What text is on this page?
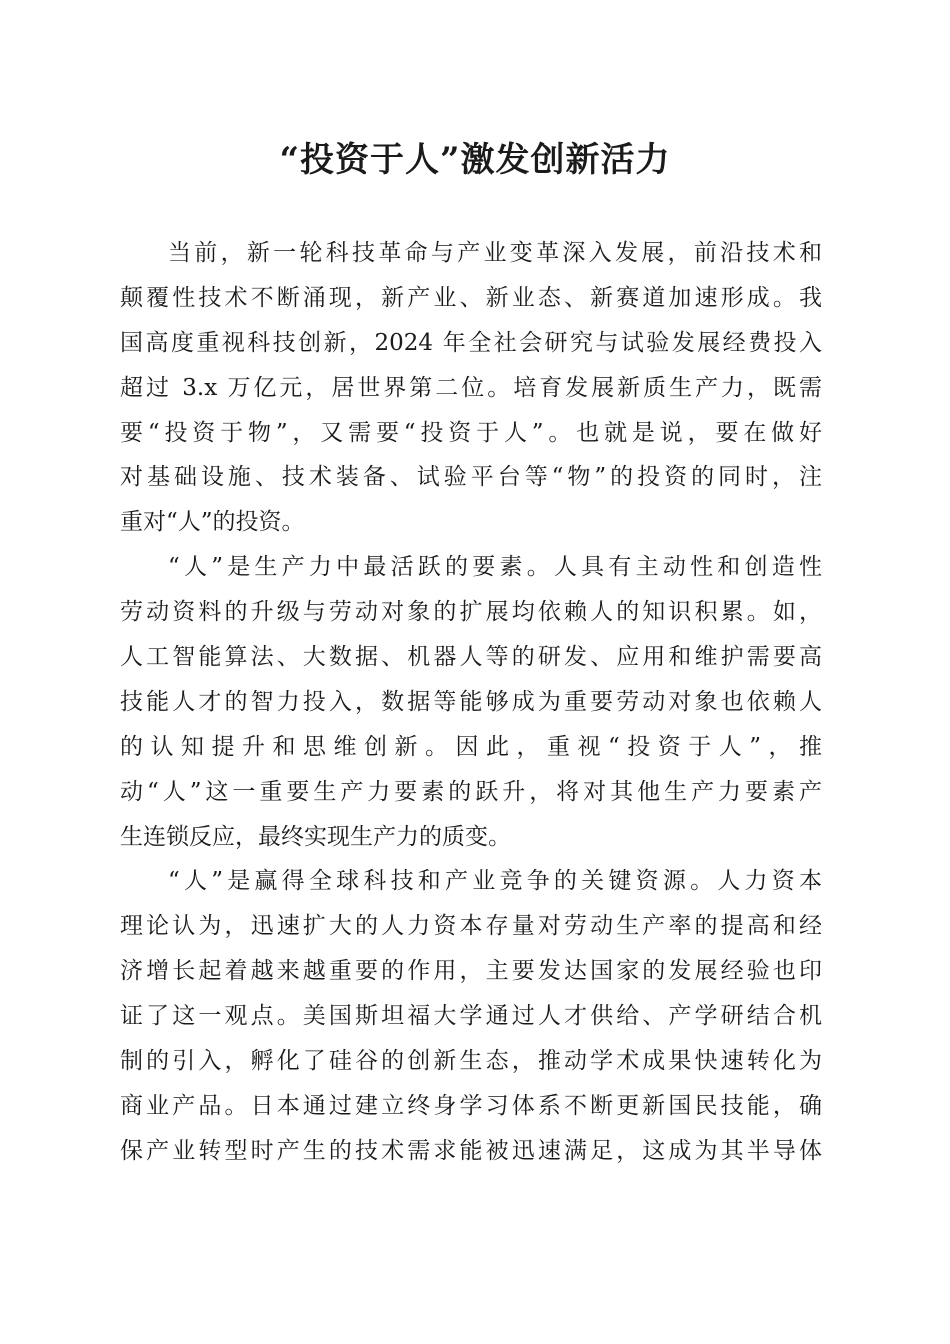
“投资于人”激发创新活力
当前，新一轮科技革命与产业变革深入发展，前沿技术和
颠覆性技术不断涌现，新产业、新业态、新赛道加速形成。我
国高度重视科技创新，2024 年全社会研究与试验发展经费投入
超过 3.x 万亿元，居世界第二位。培育发展新质生产力，既需
要“投资于物”，又需要“投资于人”。也就是说，要在做好
对基础设施、技术装备、试验平台等“物”的投资的同时，注
重对“人”的投资。
“人”是生产力中最活跃的要素。人具有主动性和创造性
劳动资料的升级与劳动对象的扩展均依赖人的知识积累。如，
人工智能算法、大数据、机器人等的研发、应用和维护需要高
技能人才的智力投入，数据等能够成为重要劳动对象也依赖人
的认知提升和思维创新。因此，重视“投资于人”，推
动“人”这一重要生产力要素的跃升，将对其他生产力要素产
生连锁反应，最终实现生产力的质变。
“人”是赢得全球科技和产业竞争的关键资源。人力资本
理论认为，迅速扩大的人力资本存量对劳动生产率的提高和经
济增长起着越来越重要的作用，主要发达国家的发展经验也印
证了这一观点。美国斯坦福大学通过人才供给、产学研结合机
制的引入，孵化了硅谷的创新生态，推动学术成果快速转化为
商业产品。日本通过建立终身学习体系不断更新国民技能，确
保产业转型时产生的技术需求能被迅速满足，这成为其半导体
